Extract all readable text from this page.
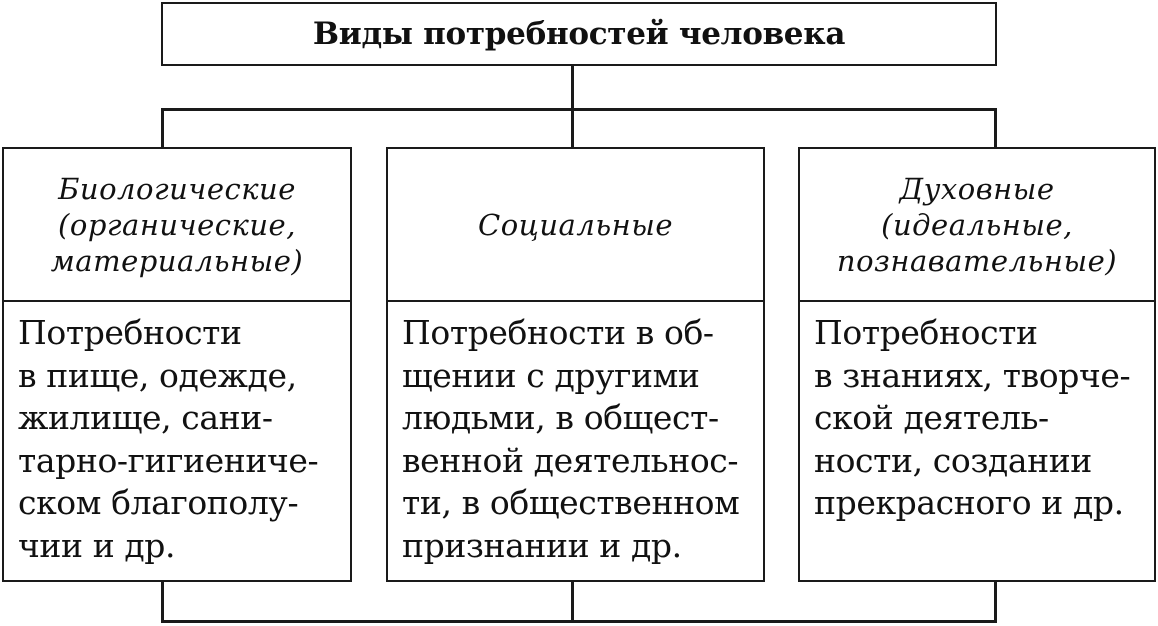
Виды потребностей человека
Биологические
(органические,
материальные)
Потребности
в пище, одежде,
жилище, сани-
тарно-гигиениче-
ском благополу-
чии и др.
Социальные
Потребности в об-
щении с другими
людьми, в общест-
венной деятельнос-
ти, в общественном
признании и др.
Духовные
(идеальные,
познавательные)
Потребности
в знаниях, творче-
ской деятель-
ности, создании
прекрасного и др.
